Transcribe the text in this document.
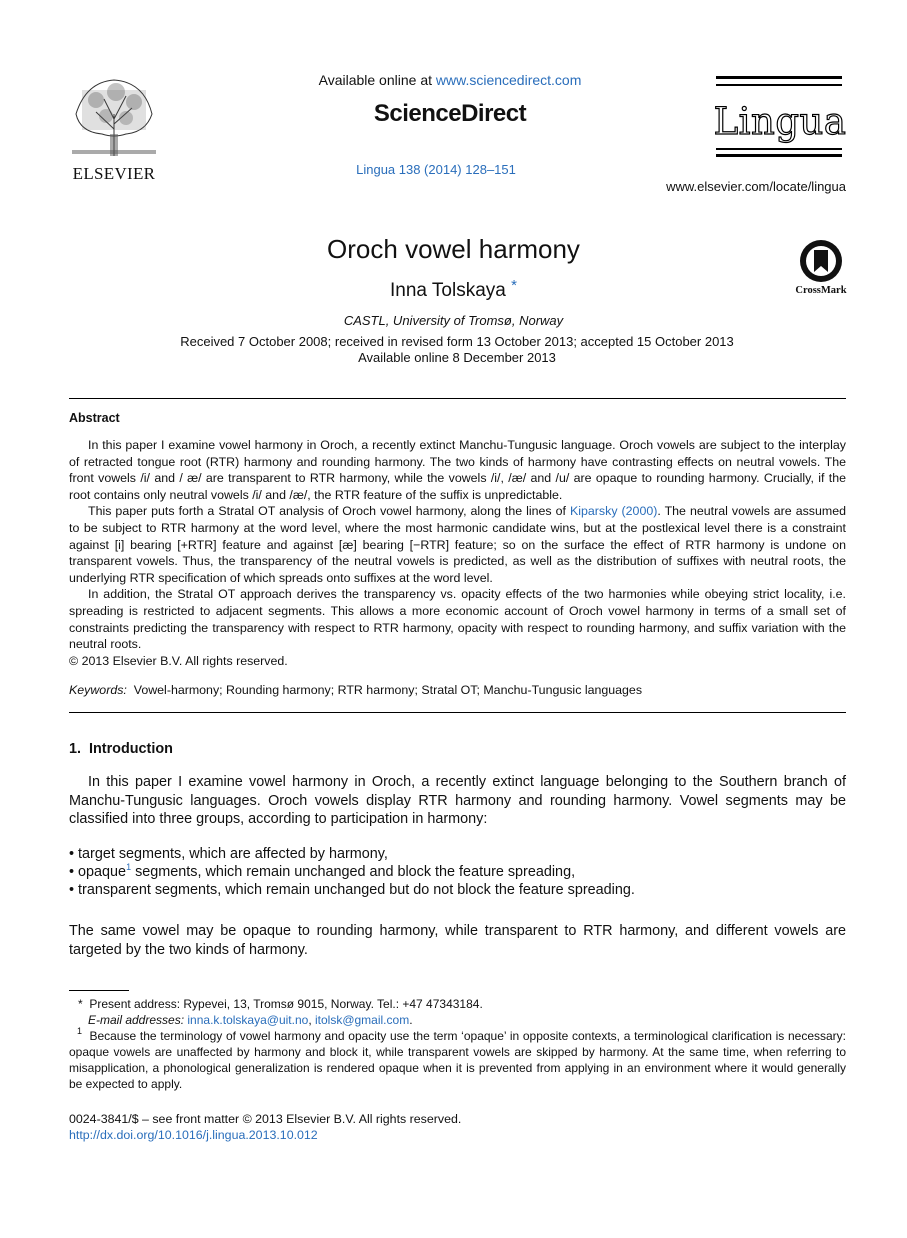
ELSEVIER
Available online at www.sciencedirect.com
ScienceDirect
Lingua 138 (2014) 128–151
Lingua
www.elsevier.com/locate/lingua
Oroch vowel harmony
Inna Tolskaya *
CASTL, University of Tromsø, Norway
Received 7 October 2008; received in revised form 13 October 2013; accepted 15 October 2013
Available online 8 December 2013
CrossMark
Abstract

In this paper I examine vowel harmony in Oroch, a recently extinct Manchu-Tungusic language. Oroch vowels are subject to the interplay of retracted tongue root (RTR) harmony and rounding harmony. The two kinds of harmony have contrasting effects on neutral vowels. The front vowels /i/ and / æ/ are transparent to RTR harmony, while the vowels /i/, /æ/ and /u/ are opaque to rounding harmony. Crucially, if the root contains only neutral vowels /i/ and /æ/, the RTR feature of the suffix is unpredictable.

This paper puts forth a Stratal OT analysis of Oroch vowel harmony, along the lines of Kiparsky (2000). The neutral vowels are assumed to be subject to RTR harmony at the word level, where the most harmonic candidate wins, but at the postlexical level there is a constraint against [i] bearing [+RTR] feature and against [æ] bearing [−RTR] feature; so on the surface the effect of RTR harmony is undone on transparent vowels. Thus, the transparency of the neutral vowels is predicted, as well as the distribution of suffixes with neutral roots, the underlying RTR specification of which spreads onto suffixes at the word level.

In addition, the Stratal OT approach derives the transparency vs. opacity effects of the two harmonies while obeying strict locality, i.e. spreading is restricted to adjacent segments. This allows a more economic account of Oroch vowel harmony in terms of a small set of constraints predicting the transparency with respect to RTR harmony, opacity with respect to rounding harmony, and suffix variation with the neutral roots.

© 2013 Elsevier B.V. All rights reserved.
Keywords: Vowel-harmony; Rounding harmony; RTR harmony; Stratal OT; Manchu-Tungusic languages
1.  Introduction

In this paper I examine vowel harmony in Oroch, a recently extinct language belonging to the Southern branch of Manchu-Tungusic languages. Oroch vowels display RTR harmony and rounding harmony. Vowel segments may be classified into three groups, according to participation in harmony:

• target segments, which are affected by harmony,
• opaque$^1$ segments, which remain unchanged and block the feature spreading,
• transparent segments, which remain unchanged but do not block the feature spreading.

The same vowel may be opaque to rounding harmony, while transparent to RTR harmony, and different vowels are targeted by the two kinds of harmony.

* Present address: Rypevei, 13, Tromsø 9015, Norway. Tel.: +47 47343184.
E-mail addresses: inna.k.tolskaya@uit.no, itolsk@gmail.com.
$^1$ Because the terminology of vowel harmony and opacity use the term ‘opaque’ in opposite contexts, a terminological clarification is necessary: opaque vowels are unaffected by harmony and block it, while transparent vowels are skipped by harmony. At the same time, when referring to misapplication, a phonological generalization is rendered opaque when it is prevented from applying in an environment where it would generally be expected to apply.
0024-3841/$ – see front matter © 2013 Elsevier B.V. All rights reserved.
http://dx.doi.org/10.1016/j.lingua.2013.10.012
